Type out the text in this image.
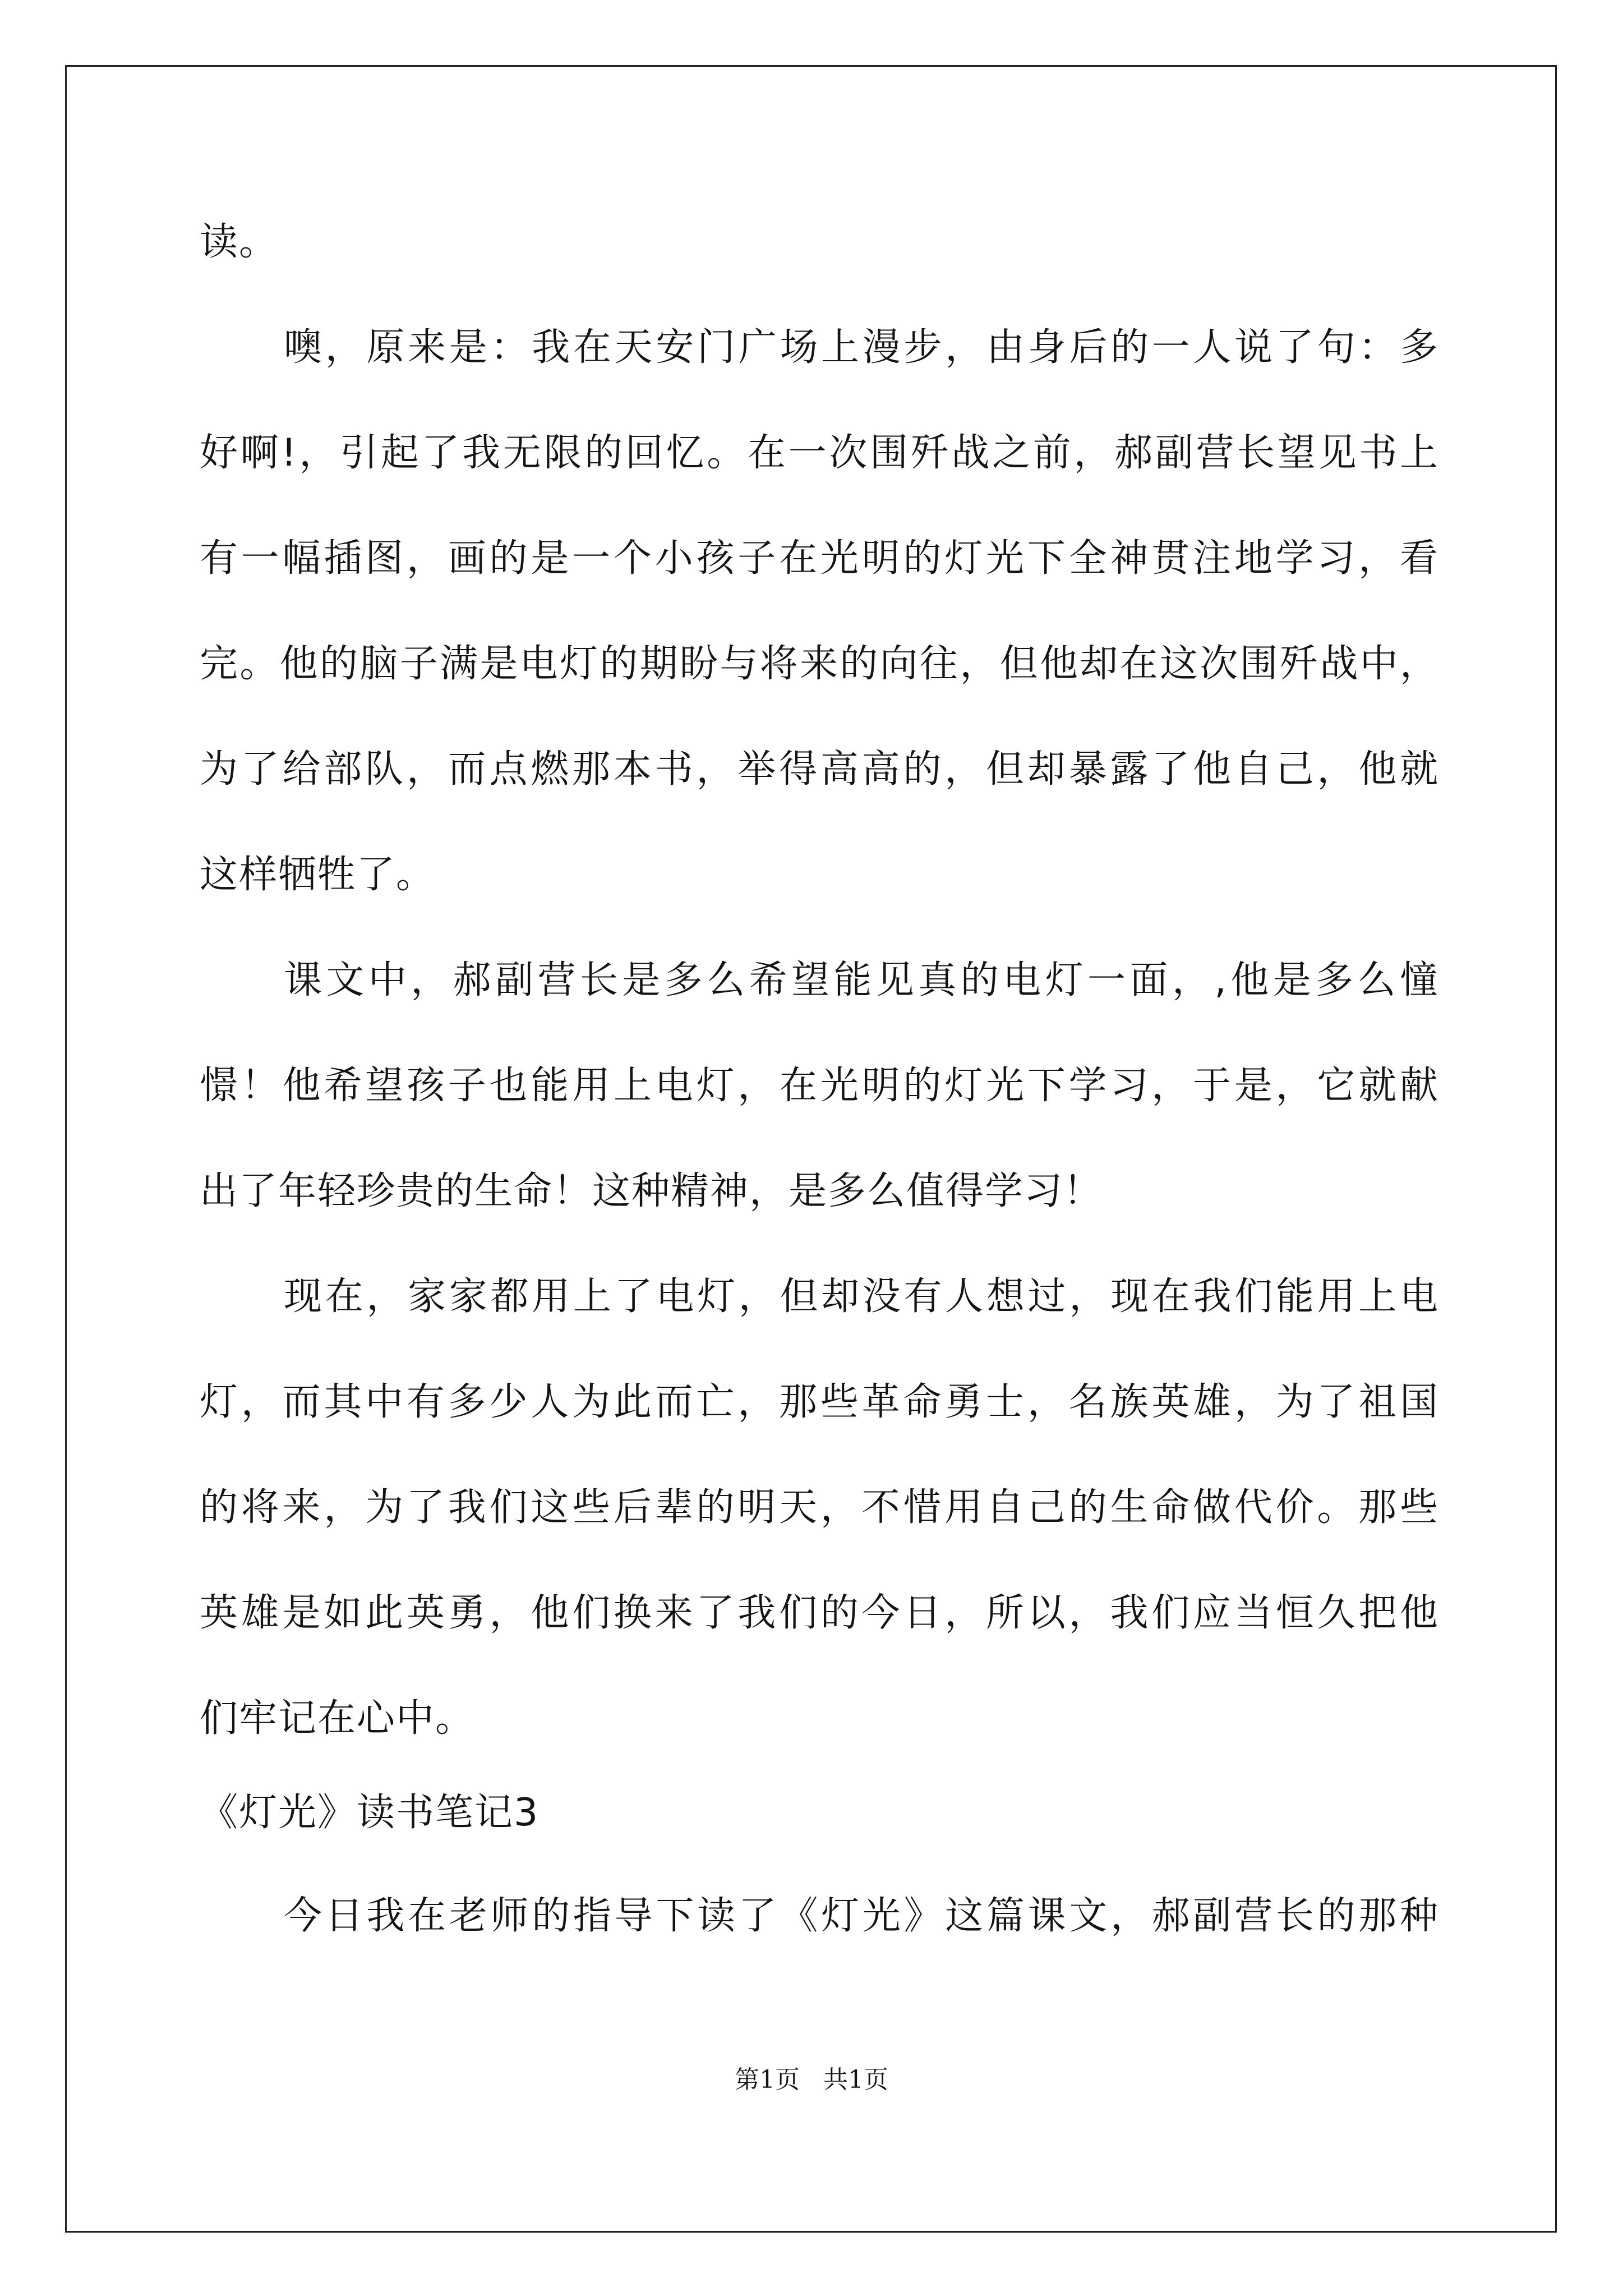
读。
噢，原来是：我在天安门广场上漫步，由身后的一人说了句：多
好啊!，引起了我无限的回忆。在一次围歼战之前，郝副营长望见书上
有一幅插图，画的是一个小孩子在光明的灯光下全神贯注地学习，看
完。他的脑子满是电灯的期盼与将来的向往，但他却在这次围歼战中，
为了给部队，而点燃那本书，举得高高的，但却暴露了他自己，他就
这样牺牲了。
课文中，郝副营长是多么希望能见真的电灯一面，,他是多么憧
憬！他希望孩子也能用上电灯，在光明的灯光下学习，于是，它就献
出了年轻珍贵的生命！这种精神，是多么值得学习！
现在，家家都用上了电灯，但却没有人想过，现在我们能用上电
灯，而其中有多少人为此而亡，那些革命勇士，名族英雄，为了祖国
的将来，为了我们这些后辈的明天，不惜用自己的生命做代价。那些
英雄是如此英勇，他们换来了我们的今日，所以，我们应当恒久把他
们牢记在心中。
《灯光》读书笔记3
今日我在老师的指导下读了《灯光》这篇课文，郝副营长的那种
第1页 共1页
